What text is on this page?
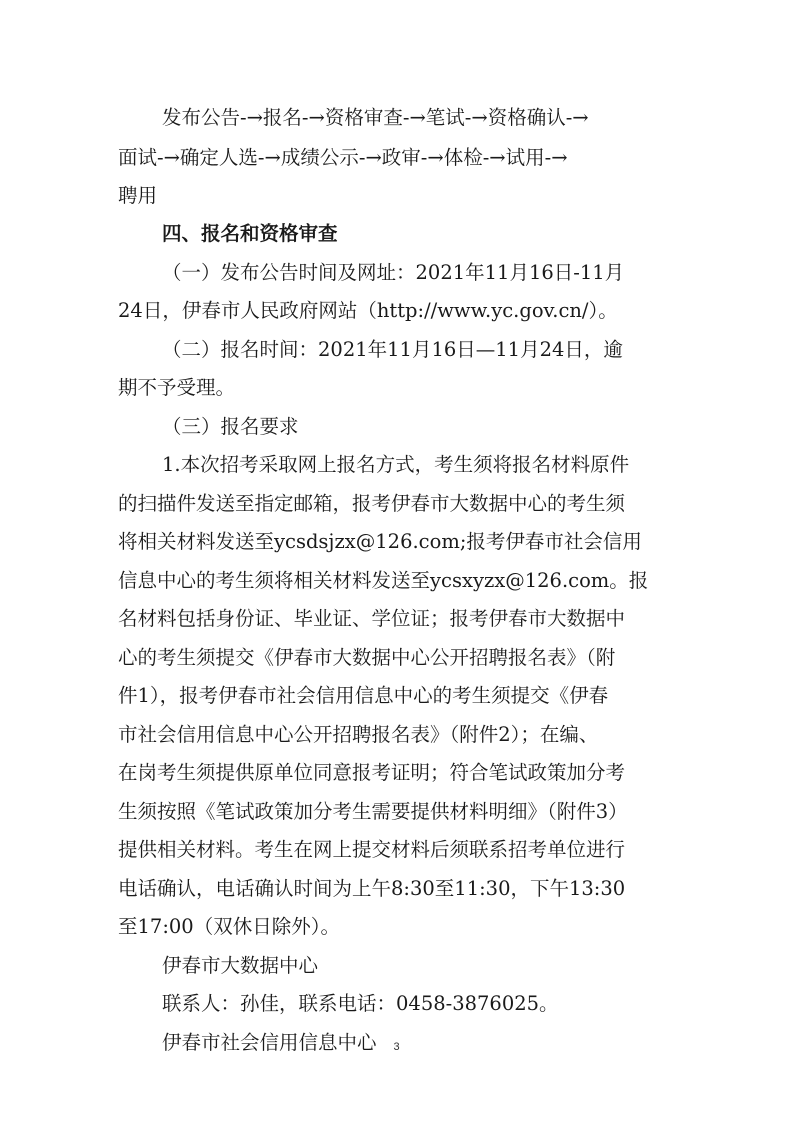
发布公告-→报名-→资格审查-→笔试-→资格确认-→
面试-→确定人选-→成绩公示-→政审-→体检-→试用-→
聘用
四、报名和资格审查
（一）发布公告时间及网址：2021年11月16日-11月
24日，伊春市人民政府网站（http://www.yc.gov.cn/）。
（二）报名时间：2021年11月16日—11月24日，逾
期不予受理。
（三）报名要求
1.本次招考采取网上报名方式，考生须将报名材料原件
的扫描件发送至指定邮箱，报考伊春市大数据中心的考生须
将相关材料发送至ycsdsjzx@126.com;报考伊春市社会信用
信息中心的考生须将相关材料发送至ycsxyzx@126.com。报
名材料包括身份证、毕业证、学位证；报考伊春市大数据中
心的考生须提交《伊春市大数据中心公开招聘报名表》（附
件1），报考伊春市社会信用信息中心的考生须提交《伊春
市社会信用信息中心公开招聘报名表》（附件2）；在编、
在岗考生须提供原单位同意报考证明；符合笔试政策加分考
生须按照《笔试政策加分考生需要提供材料明细》（附件3）
提供相关材料。考生在网上提交材料后须联系招考单位进行
电话确认，电话确认时间为上午8:30至11:30，下午13:30
至17:00（双休日除外）。
伊春市大数据中心
联系人：孙佳，联系电话：0458-3876025。
伊春市社会信用信息中心	3
